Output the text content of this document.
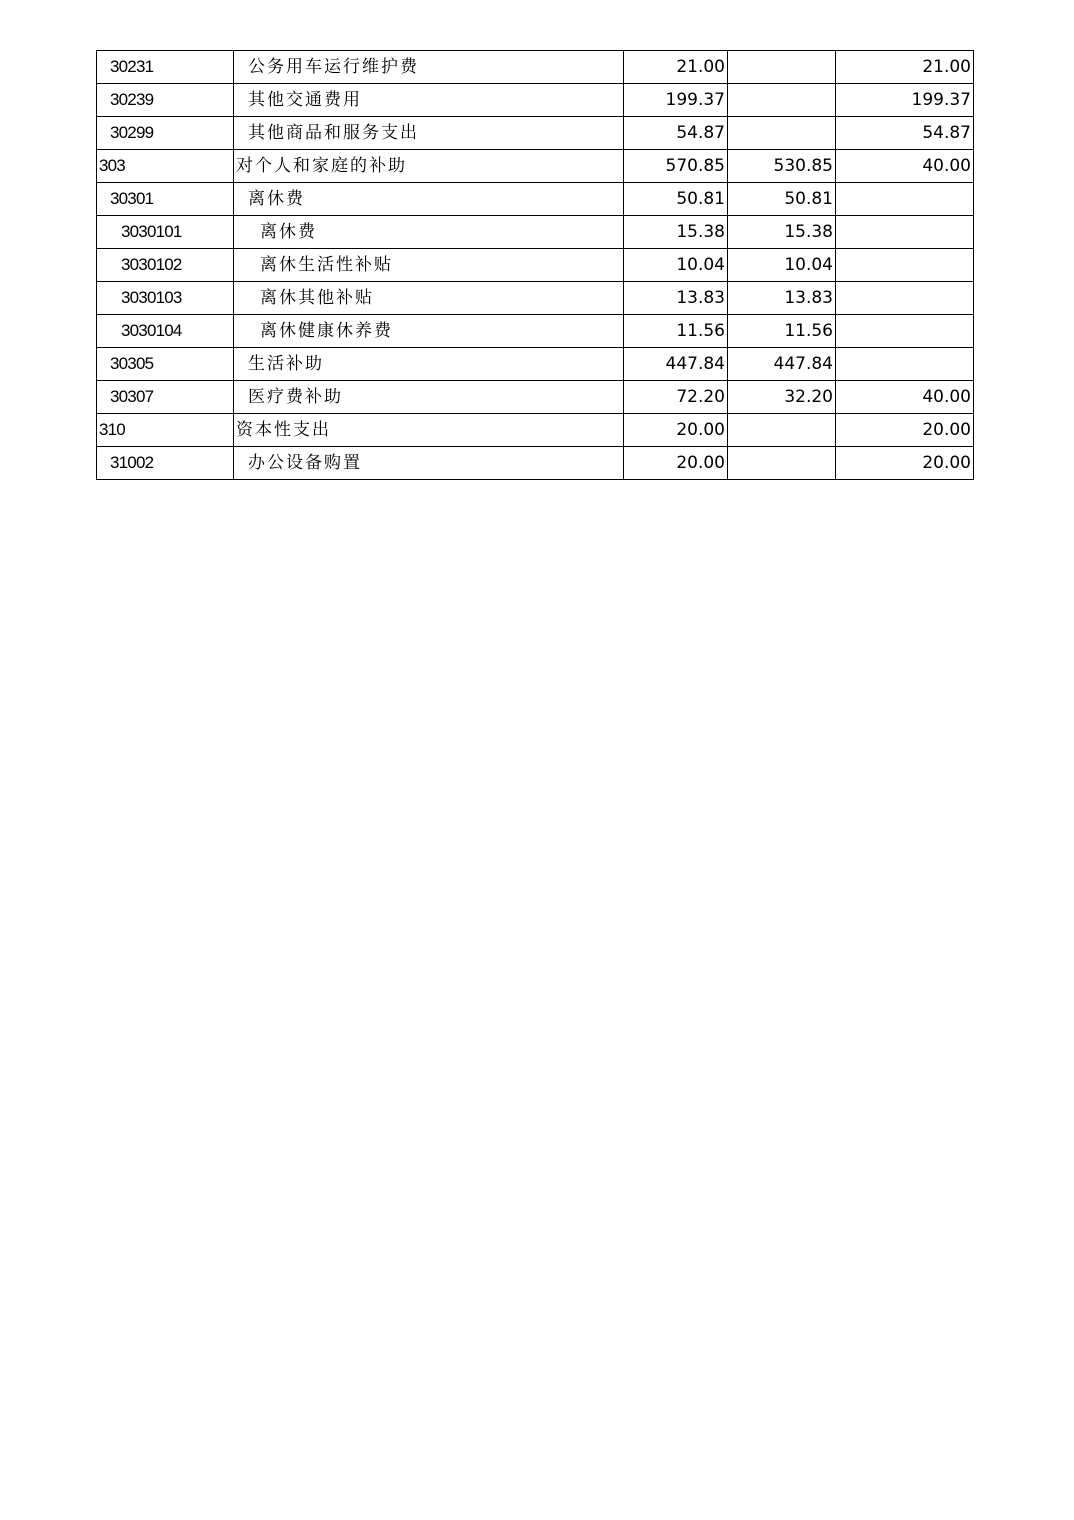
30231	公务用车运行维护费	21.00		21.00
30239	其他交通费用	199.37		199.37
30299	其他商品和服务支出	54.87		54.87
303	对个人和家庭的补助	570.85	530.85	40.00
30301	离休费	50.81	50.81	
3030101	离休费	15.38	15.38	
3030102	离休生活性补贴	10.04	10.04	
3030103	离休其他补贴	13.83	13.83	
3030104	离休健康休养费	11.56	11.56	
30305	生活补助	447.84	447.84	
30307	医疗费补助	72.20	32.20	40.00
310	资本性支出	20.00		20.00
31002	办公设备购置	20.00		20.00
